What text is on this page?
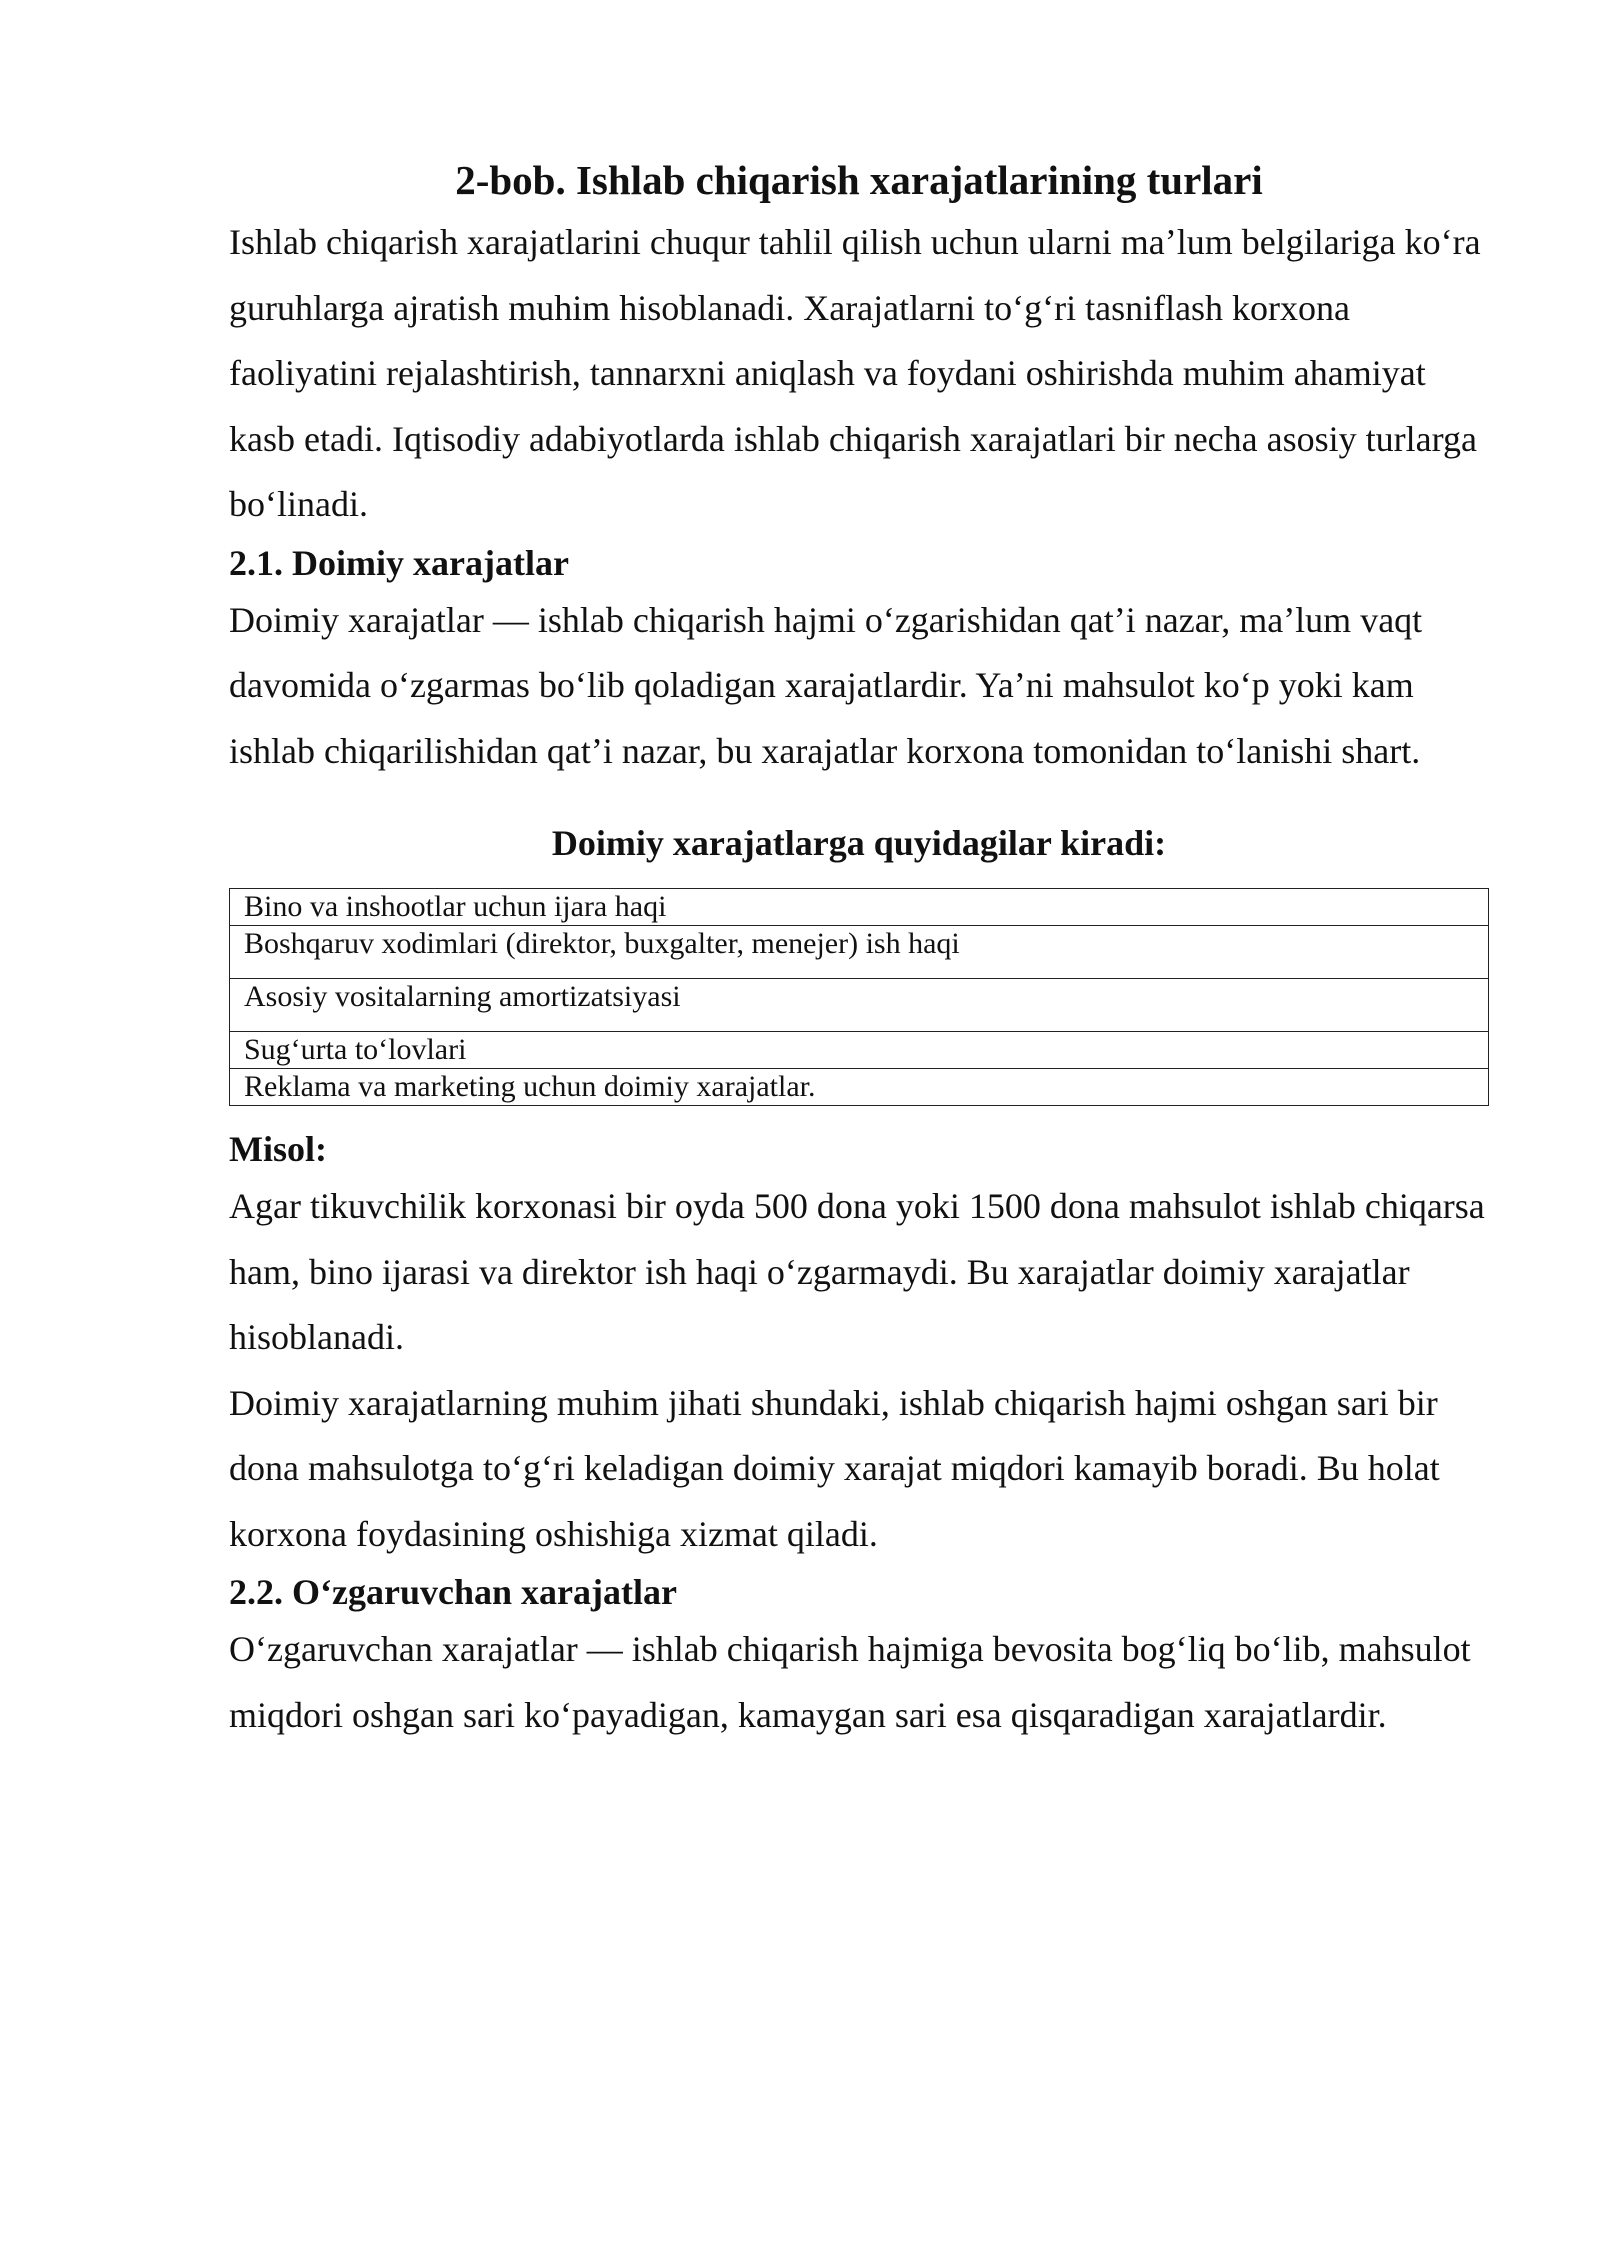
2-bob. Ishlab chiqarish xarajatlarining turlari

Ishlab chiqarish xarajatlarini chuqur tahlil qilish uchun ularni maʼlum belgilariga koʻra guruhlarga ajratish muhim hisoblanadi. Xarajatlarni toʻgʻri tasniflash korxona faoliyatini rejalashtirish, tannarxni aniqlash va foydani oshirishda muhim ahamiyat kasb etadi. Iqtisodiy adabiyotlarda ishlab chiqarish xarajatlari bir necha asosiy turlarga boʻlinadi.

2.1. Doimiy xarajatlar

Doimiy xarajatlar — ishlab chiqarish hajmi oʻzgarishidan qatʼi nazar, maʼlum vaqt davomida oʻzgarmas boʻlib qoladigan xarajatlardir. Yaʼni mahsulot koʻp yoki kam ishlab chiqarilishidan qatʼi nazar, bu xarajatlar korxona tomonidan toʻlanishi shart.

Doimiy xarajatlarga quyidagilar kiradi:
Bino va inshootlar uchun ijara haqi
Boshqaruv xodimlari (direktor, buxgalter, menejer) ish haqi
Asosiy vositalarning amortizatsiyasi
Sugʻurta toʻlovlari
Reklama va marketing uchun doimiy xarajatlar.
Misol:

Agar tikuvchilik korxonasi bir oyda 500 dona yoki 1500 dona mahsulot ishlab chiqarsa ham, bino ijarasi va direktor ish haqi oʻzgarmaydi. Bu xarajatlar doimiy xarajatlar hisoblanadi.

Doimiy xarajatlarning muhim jihati shundaki, ishlab chiqarish hajmi oshgan sari bir dona mahsulotga toʻgʻri keladigan doimiy xarajat miqdori kamayib boradi. Bu holat korxona foydasining oshishiga xizmat qiladi.

2.2. Oʻzgaruvchan xarajatlar

Oʻzgaruvchan xarajatlar — ishlab chiqarish hajmiga bevosita bogʻliq boʻlib, mahsulot miqdori oshgan sari koʻpayadigan, kamaygan sari esa qisqaradigan xarajatlardir.
